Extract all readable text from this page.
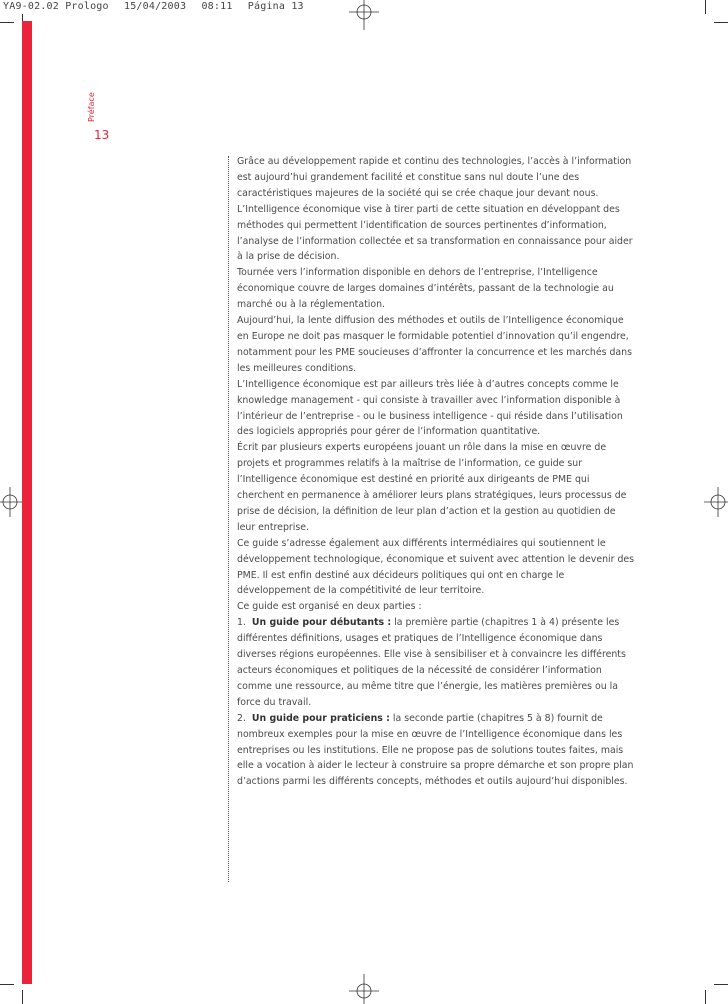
YA9-02.02 Prologo 15/04/2003 08:11 Página 13
Préface
13

Grâce au développement rapide et continu des technologies, l’accès à l’information est aujourd’hui grandement facilité et constitue sans nul doute l’une des caractéristiques majeures de la société qui se crée chaque jour devant nous.

L’Intelligence économique vise à tirer parti de cette situation en développant des méthodes qui permettent l’identification de sources pertinentes d’information, l’analyse de l’information collectée et sa transformation en connaissance pour aider à la prise de décision.

Tournée vers l’information disponible en dehors de l’entreprise, l’Intelligence économique couvre de larges domaines d’intérêts, passant de la technologie au marché ou à la réglementation.

Aujourd’hui, la lente diffusion des méthodes et outils de l’Intelligence économique en Europe ne doit pas masquer le formidable potentiel d’innovation qu’il engendre, notamment pour les PME soucieuses d’affronter la concurrence et les marchés dans les meilleures conditions.

L’Intelligence économique est par ailleurs très liée à d’autres concepts comme le knowledge management - qui consiste à travailler avec l’information disponible à l’intérieur de l’entreprise - ou le business intelligence - qui réside dans l’utilisation des logiciels appropriés pour gérer de l’information quantitative.

Écrit par plusieurs experts européens jouant un rôle dans la mise en œuvre de projets et programmes relatifs à la maîtrise de l’information, ce guide sur l’Intelligence économique est destiné en priorité aux dirigeants de PME qui cherchent en permanence à améliorer leurs plans stratégiques, leurs processus de prise de décision, la définition de leur plan d’action et la gestion au quotidien de leur entreprise.

Ce guide s’adresse également aux différents intermédiaires qui soutiennent le développement technologique, économique et suivent avec attention le devenir des PME. Il est enfin destiné aux décideurs politiques qui ont en charge le développement de la compétitivité de leur territoire.

Ce guide est organisé en deux parties :

1. Un guide pour débutants : la première partie (chapitres 1 à 4) présente les différentes définitions, usages et pratiques de l’Intelligence économique dans diverses régions européennes. Elle vise à sensibiliser et à convaincre les différents acteurs économiques et politiques de la nécessité de considérer l’information comme une ressource, au même titre que l’énergie, les matières premières ou la force du travail.

2. Un guide pour praticiens : la seconde partie (chapitres 5 à 8) fournit de nombreux exemples pour la mise en œuvre de l’Intelligence économique dans les entreprises ou les institutions. Elle ne propose pas de solutions toutes faites, mais elle a vocation à aider le lecteur à construire sa propre démarche et son propre plan d’actions parmi les différents concepts, méthodes et outils aujourd’hui disponibles.
